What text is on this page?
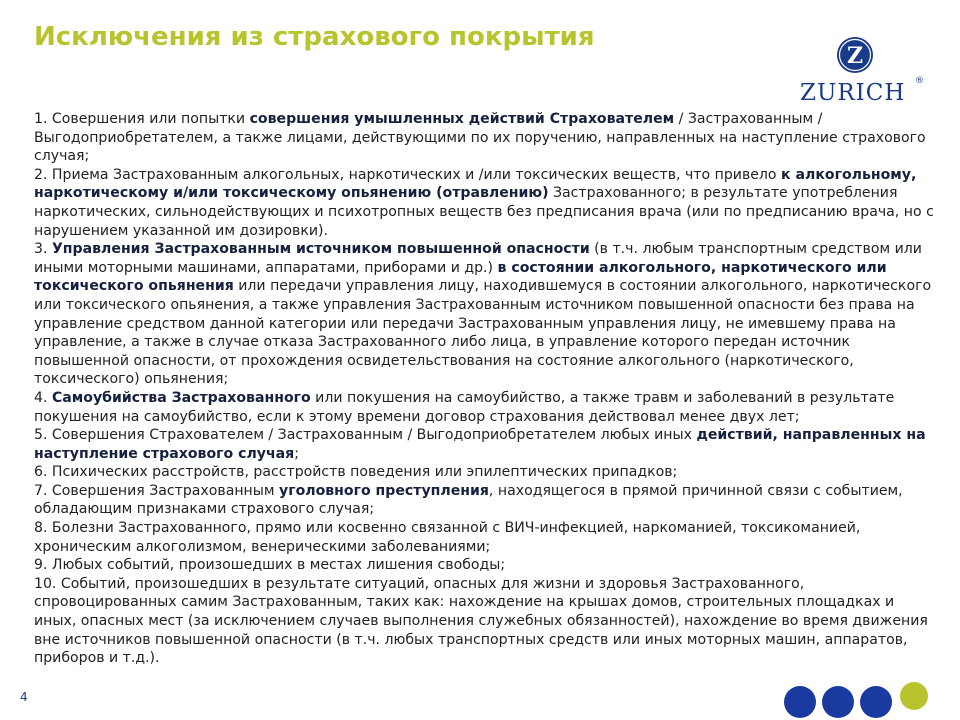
Исключения из страхового покрытия
Z
ZURICH ®

1. Совершения или попытки совершения умышленных действий Страхователем / Застрахованным / Выгодоприобретателем, а также лицами, действующими по их поручению, направленных на наступление страхового случая;

2. Приема Застрахованным алкогольных, наркотических и /или токсических веществ, что привело к алкогольному, наркотическому и/или токсическому опьянению (отравлению) Застрахованного; в результате употребления наркотических, сильнодействующих и психотропных веществ без предписания врача (или по предписанию врача, но с нарушением указанной им дозировки).

3. Управления Застрахованным источником повышенной опасности (в т.ч. любым транспортным средством или иными моторными машинами, аппаратами, приборами и др.) в состоянии алкогольного, наркотического или токсического опьянения или передачи управления лицу, находившемуся в состоянии алкогольного, наркотического или токсического опьянения, а также управления Застрахованным источником повышенной опасности без права на управление средством данной категории или передачи Застрахованным управления лицу, не имевшему права на управление, а также в случае отказа Застрахованного либо лица, в управление которого передан источник повышенной опасности, от прохождения освидетельствования на состояние алкогольного (наркотического, токсического) опьянения;

4. Самоубийства Застрахованного или покушения на самоубийство, а также травм и заболеваний в результате покушения на самоубийство, если к этому времени договор страхования действовал менее двух лет;

5. Совершения Страхователем / Застрахованным / Выгодоприобретателем любых иных действий, направленных на наступление страхового случая;

6. Психических расстройств, расстройств поведения или эпилептических припадков;

7. Совершения Застрахованным уголовного преступления, находящегося в прямой причинной связи с событием, обладающим признаками страхового случая;

8. Болезни Застрахованного, прямо или косвенно связанной с ВИЧ-инфекцией, наркоманией, токсикоманией, хроническим алкоголизмом, венерическими заболеваниями;

9. Любых событий, произошедших в местах лишения свободы;

10. Событий, произошедших в результате ситуаций, опасных для жизни и здоровья Застрахованного, спровоцированных самим Застрахованным, таких как: нахождение на крышах домов, строительных площадках и иных, опасных мест (за исключением случаев выполнения служебных обязанностей), нахождение во время движения вне источников повышенной опасности (в т.ч. любых транспортных средств или иных моторных машин, аппаратов, приборов и т.д.).

4
